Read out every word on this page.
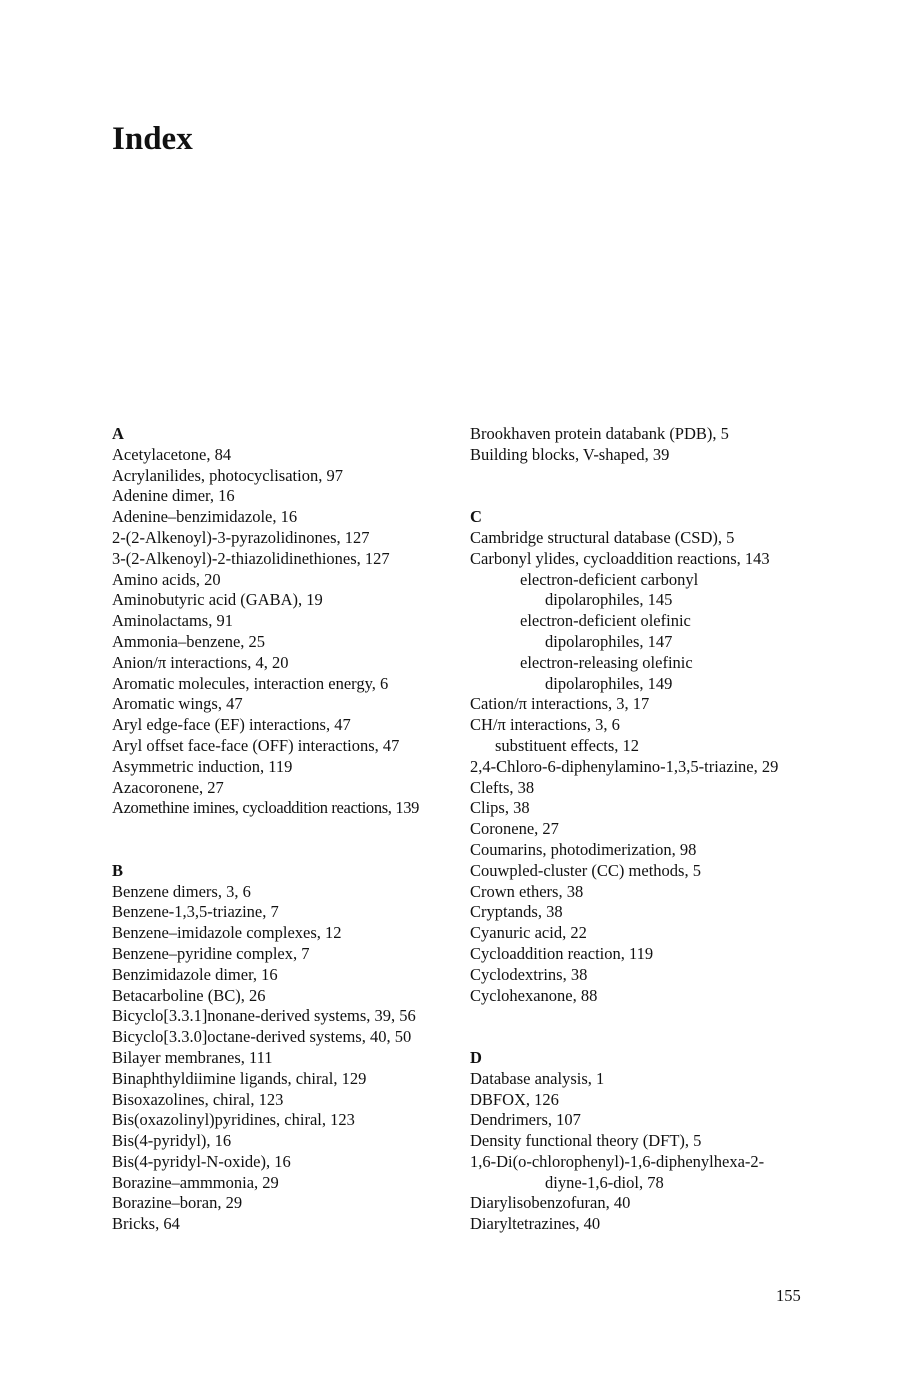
Index
A
Acetylacetone, 84
Acrylanilides, photocyclisation, 97
Adenine dimer, 16
Adenine–benzimidazole, 16
2-(2-Alkenoyl)-3-pyrazolidinones, 127
3-(2-Alkenoyl)-2-thiazolidinethiones, 127
Amino acids, 20
Aminobutyric acid (GABA), 19
Aminolactams, 91
Ammonia–benzene, 25
Anion/π interactions, 4, 20
Aromatic molecules, interaction energy, 6
Aromatic wings, 47
Aryl edge-face (EF) interactions, 47
Aryl offset face-face (OFF) interactions, 47
Asymmetric induction, 119
Azacoronene, 27
Azomethine imines, cycloaddition reactions, 139
B
Benzene dimers, 3, 6
Benzene-1,3,5-triazine, 7
Benzene–imidazole complexes, 12
Benzene–pyridine complex, 7
Benzimidazole dimer, 16
Betacarboline (BC), 26
Bicyclo[3.3.1]nonane-derived systems, 39, 56
Bicyclo[3.3.0]octane-derived systems, 40, 50
Bilayer membranes, 111
Binaphthyldiimine ligands, chiral, 129
Bisoxazolines, chiral, 123
Bis(oxazolinyl)pyridines, chiral, 123
Bis(4-pyridyl), 16
Bis(4-pyridyl-N-oxide), 16
Borazine–ammmonia, 29
Borazine–boran, 29
Bricks, 64
Brookhaven protein databank (PDB), 5
Building blocks, V-shaped, 39
C
Cambridge structural database (CSD), 5
Carbonyl ylides, cycloaddition reactions, 143
electron-deficient carbonyl
dipolarophiles, 145
electron-deficient olefinic
dipolarophiles, 147
electron-releasing olefinic
dipolarophiles, 149
Cation/π interactions, 3, 17
CH/π interactions, 3, 6
substituent effects, 12
2,4-Chloro-6-diphenylamino-1,3,5-triazine, 29
Clefts, 38
Clips, 38
Coronene, 27
Coumarins, photodimerization, 98
Couwpled-cluster (CC) methods, 5
Crown ethers, 38
Cryptands, 38
Cyanuric acid, 22
Cycloaddition reaction, 119
Cyclodextrins, 38
Cyclohexanone, 88
D
Database analysis, 1
DBFOX, 126
Dendrimers, 107
Density functional theory (DFT), 5
1,6-Di(o-chlorophenyl)-1,6-diphenylhexa-2-
diyne-1,6-diol, 78
Diarylisobenzofuran, 40
Diaryltetrazines, 40
155
